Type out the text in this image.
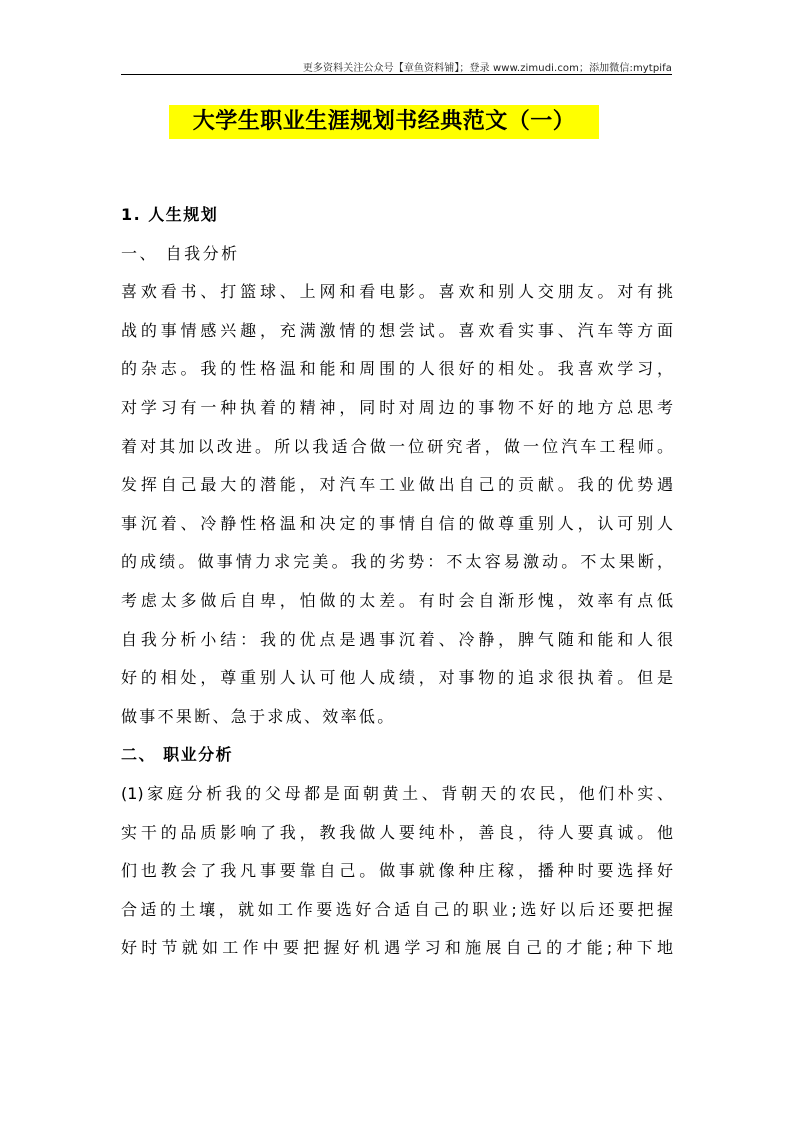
更多资料关注公众号【章鱼资料铺】；登录 www.zimudi.com；添加微信:mytpifa
大学生职业生涯规划书经典范文（一）
1. 人生规划
一、 自我分析
喜欢看书、打篮球、上网和看电影。喜欢和别人交朋友。对有挑
战的事情感兴趣，充满激情的想尝试。喜欢看实事、汽车等方面
的杂志。我的性格温和能和周围的人很好的相处。我喜欢学习，
对学习有一种执着的精神，同时对周边的事物不好的地方总思考
着对其加以改进。所以我适合做一位研究者，做一位汽车工程师。
发挥自己最大的潜能，对汽车工业做出自己的贡献。我的优势遇
事沉着、冷静性格温和决定的事情自信的做尊重别人，认可别人
的成绩。做事情力求完美。我的劣势：不太容易激动。不太果断，
考虑太多做后自卑，怕做的太差。有时会自渐形愧，效率有点低
自我分析小结：我的优点是遇事沉着、冷静，脾气随和能和人很
好的相处，尊重别人认可他人成绩，对事物的追求很执着。但是
做事不果断、急于求成、效率低。
二、 职业分析
(1)家庭分析我的父母都是面朝黄土、背朝天的农民，他们朴实、
实干的品质影响了我，教我做人要纯朴，善良，待人要真诚。他
们也教会了我凡事要靠自己。做事就像种庄稼，播种时要选择好
合适的土壤，就如工作要选好合适自己的职业;选好以后还要把握
好时节就如工作中要把握好机遇学习和施展自己的才能;种下地
